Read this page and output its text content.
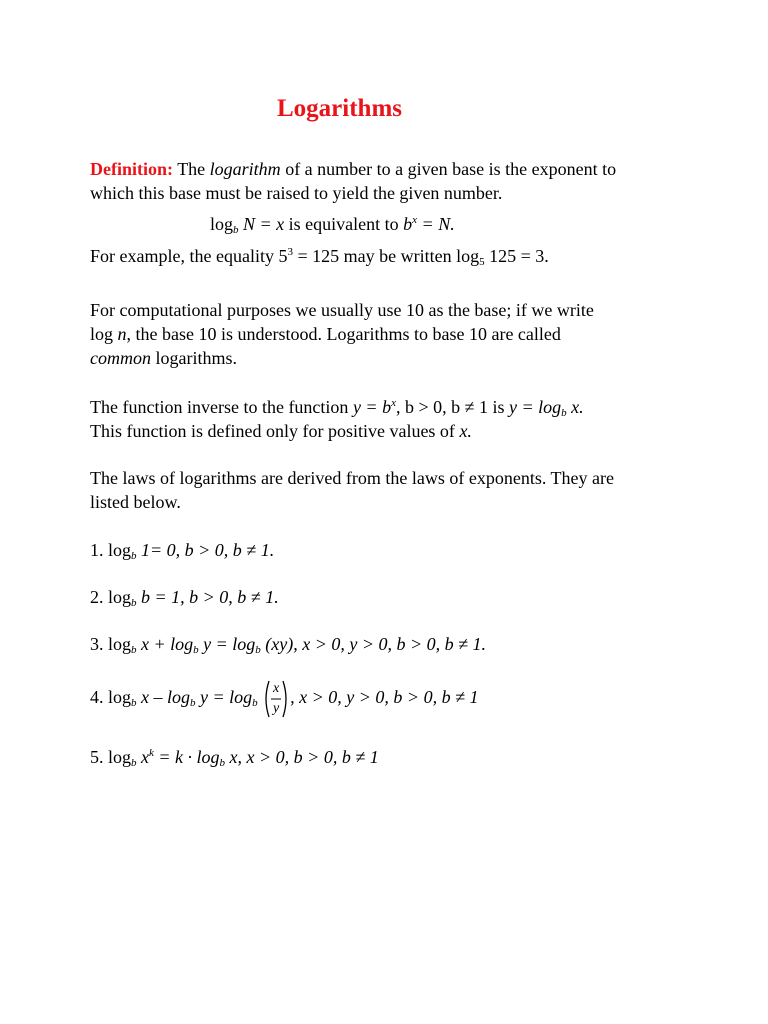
Logarithms
Definition: The logarithm of a number to a given base is the exponent to
which this base must be raised to yield the given number.
$\log_b N = x$ is equivalent to $b^x = N$.
For example, the equality $5^3 = 125$ may be written $\log_5 125 = 3$.
For computational purposes we usually use 10 as the base; if we write
log n, the base 10 is understood. Logarithms to base 10 are called
common logarithms.
The function inverse to the function $y = b^x$, b > 0, b ≠ 1 is $y = \log_b x$.
This function is defined only for positive values of x.
The laws of logarithms are derived from the laws of exponents. They are
listed below.
1. $\log_b 1= 0$, b > 0, b ≠ 1.
2. $\log_b b = 1$, b > 0, b ≠ 1.
3. $\log_b x + \log_b y = \log_b (xy)$, x > 0, y > 0, b > 0, b ≠ 1.
4. $\log_b x - \log_b y = \log_b$
x
y
, x > 0, y > 0, b > 0, b ≠ 1
5. $\log_b x^k = k \cdot \log_b x$, x > 0, b > 0, b ≠ 1
